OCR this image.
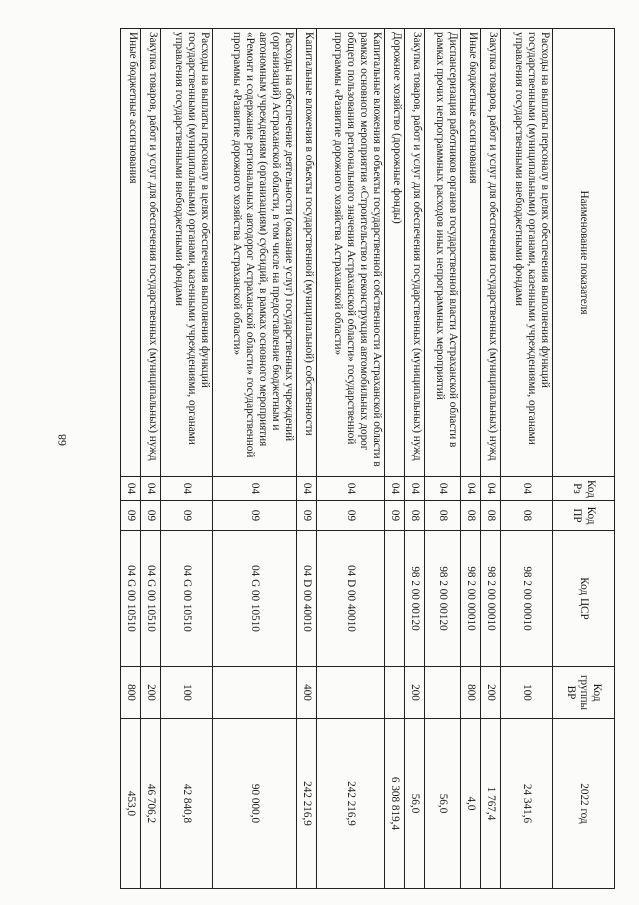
68
Наименование показателя	Код Рз	Код ПР	Код ЦСР	Код группы ВР	2022 год
Расходы на выплаты персоналу в целях обеспечения выполнения функций государственными (муниципальными) органами, казенными учреждениями, органами управления государственными внебюджетными фондами	04	08	98 2 00 00010	100	24 341,6
Закупка товаров, работ и услуг для обеспечения государственных (муниципальных) нужд	04	08	98 2 00 00010	200	1 767,4
Иные бюджетные ассигнования	04	08	98 2 00 00010	800	4,0
Диспансеризация работников органов государственной власти Астраханской области в рамках прочих непрограммных расходов иных непрограммных мероприятий	04	08	98 2 00 00120		56,0
Закупка товаров, работ и услуг для обеспечения государственных (муниципальных) нужд	04	08	98 2 00 00120	200	56,0
Дорожное хозяйство (дорожные фонды)	04	09			6 308 819,4
Капитальные вложения в объекты государственной собственности Астраханской области в рамках основного мероприятия «Строительство и реконструкция автомобильных дорог общего пользования регионального значения Астраханской области» государственной программы «Развитие дорожного хозяйства Астраханской области»	04	09	04 D 00 40010		242 216,9
Капитальные вложения в объекты государственной (муниципальной) собственности	04	09	04 D 00 40010	400	242 216,9
Расходы на обеспечение деятельности (оказание услуг) государственных учреждений (организаций) Астраханской области, в том числе на предоставление бюджетным и автономным учреждениям (организациям) субсидий, в рамках основного мероприятия «Ремонт и содержание региональных автодорог Астраханской области» государственной программы «Развитие дорожного хозяйства Астраханской области»	04	09	04 G 00 10510		90 000,0
Расходы на выплаты персоналу в целях обеспечения выполнения функций государственными (муниципальными) органами, казенными учреждениями, органами управления государственными внебюджетными фондами	04	09	04 G 00 10510	100	42 840,8
Закупка товаров, работ и услуг для обеспечения государственных (муниципальных) нужд	04	09	04 G 00 10510	200	46 706,2
Иные бюджетные ассигнования	04	09	04 G 00 10510	800	453,0
